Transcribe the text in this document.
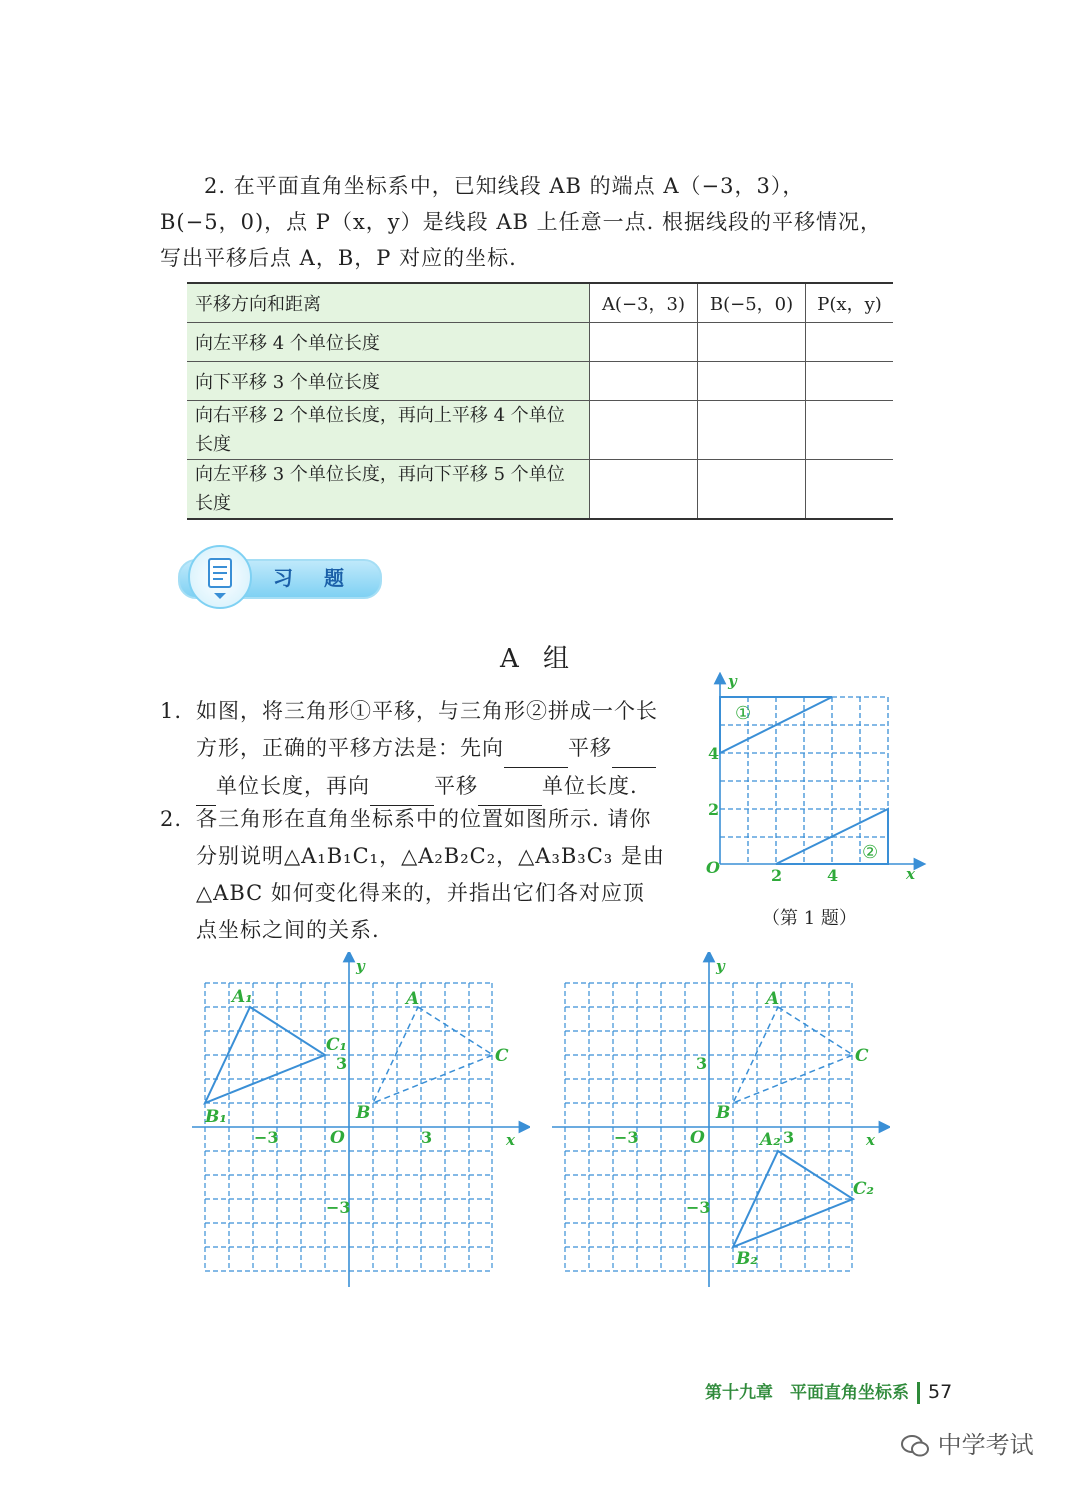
2. 在平面直角坐标系中，已知线段 AB 的端点 A（−3，3），
B(−5，0)，点 P（x，y）是线段 AB 上任意一点. 根据线段的平移情况，
写出平移后点 A，B，P 对应的坐标.
平移方向和距离	A(−3，3)	B(−5，0)	P(x，y)
向左平移 4 个单位长度			
向下平移 3 个单位长度			
向右平移 2 个单位长度，再向上平移 4 个单位长度			
向左平移 3 个单位长度，再向下平移 5 个单位长度			
习 题
A 组
1. 如图，将三角形①平移，与三角形②拼成一个长
方形，正确的平移方法是：先向	平移
单位长度，再向	平移	单位长度.
2. 各三角形在直角坐标系中的位置如图所示. 请你
分别说明△A₁B₁C₁，△A₂B₂C₂，△A₃B₃C₃ 是由
△ABC 如何变化得来的，并指出它们各对应顶
点坐标之间的关系.
①
②
y
x
O	2	4
2
4
（第 1 题）
A₁
C₁
B₁
A
C
B
O	x
y
−3	3
3
−3
A
C
B
A₂
C₂
B₂
O	x
y
−3	3
3
−3
第十九章　平面直角坐标系 57
中学考试
